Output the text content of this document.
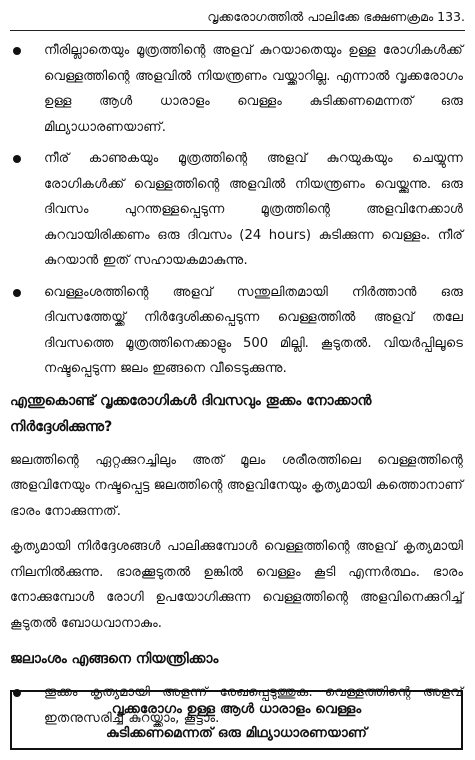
വൃക്കരോഗത്തിൽ പാലിക്കേ ഭക്ഷണക്രമം 133.
നീരില്ലാതെയും മൂത്രത്തിന്റെ അളവ് കുറയാതെയും ഉള്ള രോഗികൾക്ക് വെള്ളത്തിന്റെ അളവിൽ നിയന്ത്രണം വയ്ക്കാറില്ല. എന്നാൽ വൃക്കരോഗം ഉള്ള ആൾ ധാരാളം വെള്ളം കുടിക്കണമെന്നത് ഒരു മിഥ്യാധാരണയാണ്.
നീര് കാണുകയും മൂത്രത്തിന്റെ അളവ് കുറയുകയും ചെയ്യുന്ന രോഗികൾക്ക് വെള്ളത്തിന്റെ അളവിൽ നിയന്ത്രണം വെയ്ക്കുന്നു. ഒരു ദിവസം പുറന്തള്ളപ്പെടുന്ന മൂത്രത്തിന്റെ അളവിനേക്കാൾ കുറവായിരിക്കണം ഒരു ദിവസം (24 hours) കുടിക്കുന്ന വെള്ളം. നീര് കുറയാൻ ഇത് സഹായകമാകുന്നു.
വെള്ളംശത്തിന്റെ അളവ് സന്തുലിതമായി നിർത്താൻ ഒരു ദിവസത്തേയ്ക്ക് നിർദ്ദേശിക്കപ്പെടുന്ന വെള്ളത്തിൽ അളവ് തലേ ദിവസത്തെ മൂത്രത്തിനെക്കാളും 500 മില്ലി. കൂടുതൽ. വിയർപ്പിലൂടെ നഷ്ടപ്പെടുന്ന ജലം ഇങ്ങനെ വീടെടുക്കുന്നു.
എന്തുകൊണ്ട് വൃക്കരോഗികൾ ദിവസവും തൂക്കം നോക്കാൻ നിർദ്ദേശിക്കുന്നു?
ജലത്തിന്റെ ഏറ്റക്കുറച്ചിലും അത് മൂലം ശരീരത്തിലെ വെള്ളത്തിന്റെ അളവിനേയും നഷ്ടപ്പെട്ട ജലത്തിന്റെ അളവിനേയും കൃത്യമായി കത്തൊനാണ് ഭാരം നോക്കുന്നത്.
കൃത്യമായി നിർദ്ദേശങ്ങൾ പാലിക്കുമ്പോൾ വെള്ളത്തിന്റെ അളവ് കൃത്യമായി നിലനിൽക്കുന്നു. ഭാരക്കൂടുതൽ ഉങ്കിൽ വെള്ളം കൂടി എന്നർത്ഥം. ഭാരം നോക്കുമ്പോൾ രോഗി ഉപയോഗിക്കുന്ന വെള്ളത്തിന്റെ അളവിനെക്കുറിച്ച് കൂടുതൽ ബോധവാനാകും.
ജലാംശം എങ്ങനെ നിയന്ത്രിക്കാം
തൂക്കം കൃത്യമായി അളന്ന് രേഖപ്പെടുത്തുക. വെള്ളത്തിന്റെ അളവ് ഇതനുസരിച്ച് കുറയ്ക്കാം, കൂട്ടാം.
വൃക്കരോഗം ഉള്ള ആൾ ധാരാളം വെള്ളം
കുടിക്കണമെന്നത് ഒരു മിഥ്യാധാരണയാണ്
